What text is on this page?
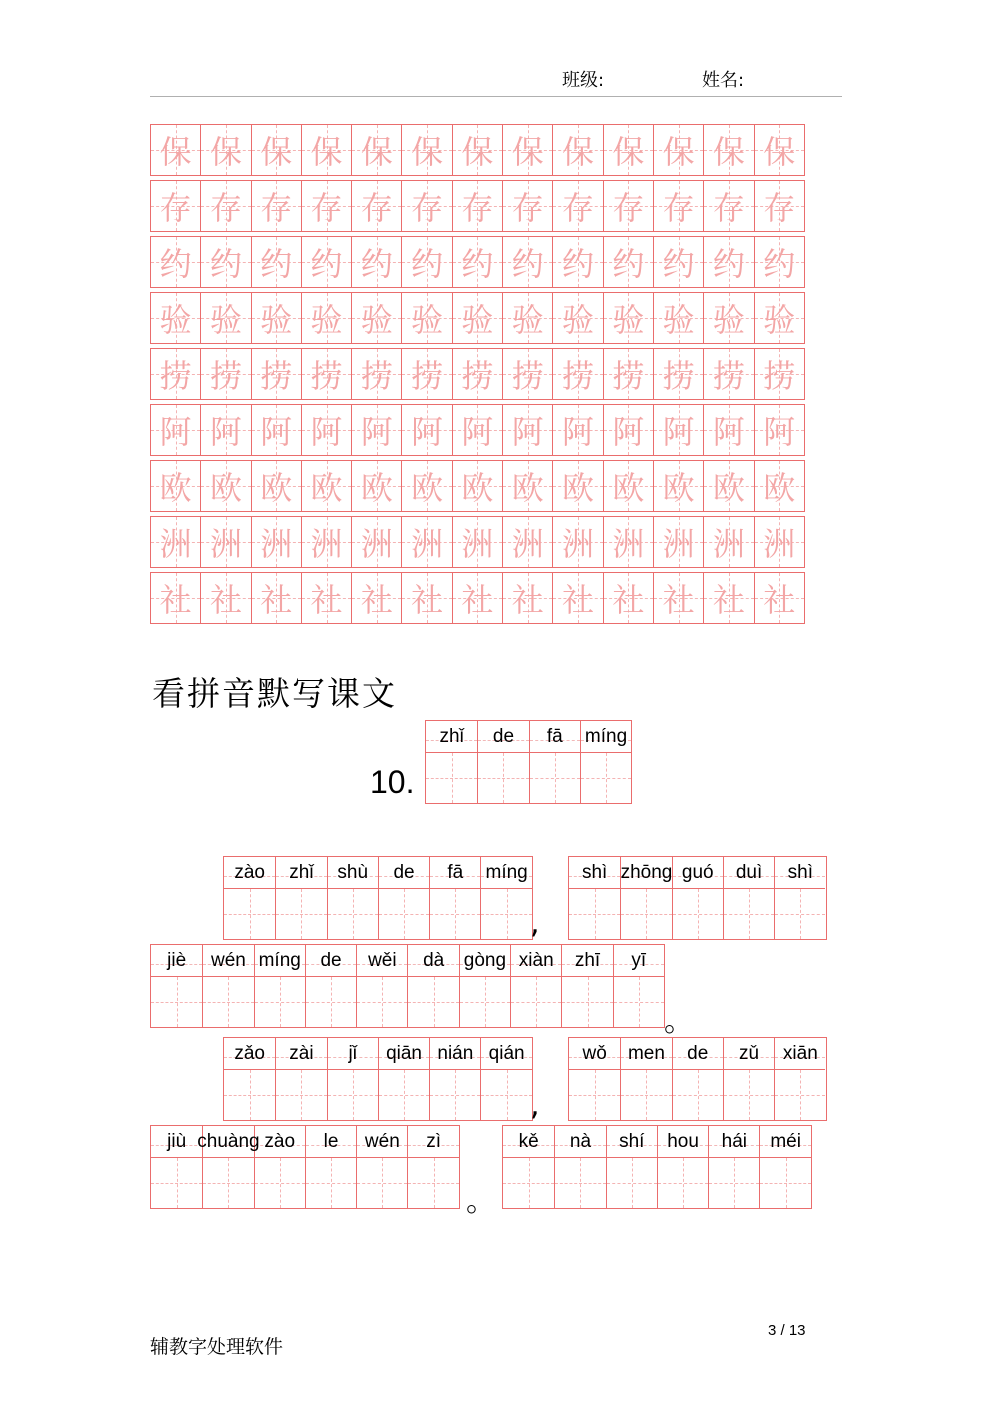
班级:	姓名:
保 保 保 保 保 保 保 保 保 保 保 保 保
存 存 存 存 存 存 存 存 存 存 存 存 存
约 约 约 约 约 约 约 约 约 约 约 约 约
验 验 验 验 验 验 验 验 验 验 验 验 验
捞 捞 捞 捞 捞 捞 捞 捞 捞 捞 捞 捞 捞
阿 阿 阿 阿 阿 阿 阿 阿 阿 阿 阿 阿 阿
欧 欧 欧 欧 欧 欧 欧 欧 欧 欧 欧 欧 欧
洲 洲 洲 洲 洲 洲 洲 洲 洲 洲 洲 洲 洲
社 社 社 社 社 社 社 社 社 社 社 社 社
看拼音默写课文
10.
zhǐ de fā míng
zào zhǐ shù de fā míng
,
shì zhōng guó duì shì
jiè wén míng de wěi dà gòng xiàn zhī yī
。
zǎo zài jǐ qiān nián qián
,
wǒ men de zǔ xiān
jiù chuàng zào le wén zì
。
kě nà shí hou hái méi
辅教字处理软件
3 / 13
